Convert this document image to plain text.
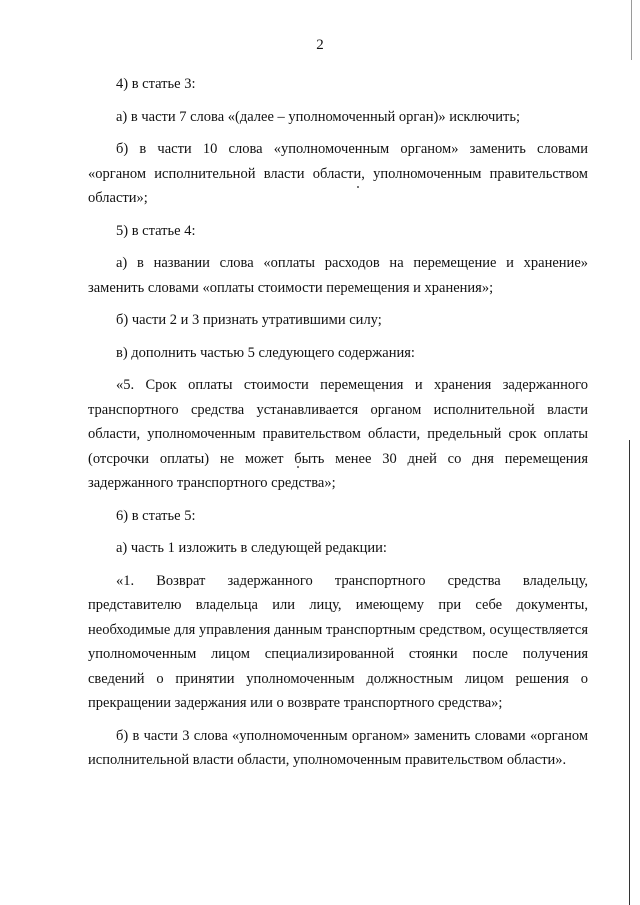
2

4) в статье 3:

а) в части 7 слова «(далее – уполномоченный орган)» исключить;

б) в части 10 слова «уполномоченным органом» заменить словами «органом исполнительной власти области, уполномоченным правительством области»;

5) в статье 4:

а) в названии слова «оплаты расходов на перемещение и хранение» заменить словами «оплаты стоимости перемещения и хранения»;

б) части 2 и 3 признать утратившими силу;

в) дополнить частью 5 следующего содержания:

«5. Срок оплаты стоимости перемещения и хранения задержанного транспортного средства устанавливается органом исполнительной власти области, уполномоченным правительством области, предельный срок оплаты (отсрочки оплаты) не может быть менее 30 дней со дня перемещения задержанного транспортного средства»;

6) в статье 5:

а) часть 1 изложить в следующей редакции:

«1. Возврат задержанного транспортного средства владельцу, представителю владельца или лицу, имеющему при себе документы, необходимые для управления данным транспортным средством, осуществляется уполномоченным лицом специализированной стоянки после получения сведений о принятии уполномоченным должностным лицом решения о прекращении задержания или о возврате транспортного средства»;

б) в части 3 слова «уполномоченным органом» заменить словами «органом исполнительной власти области, уполномоченным правительством области».
